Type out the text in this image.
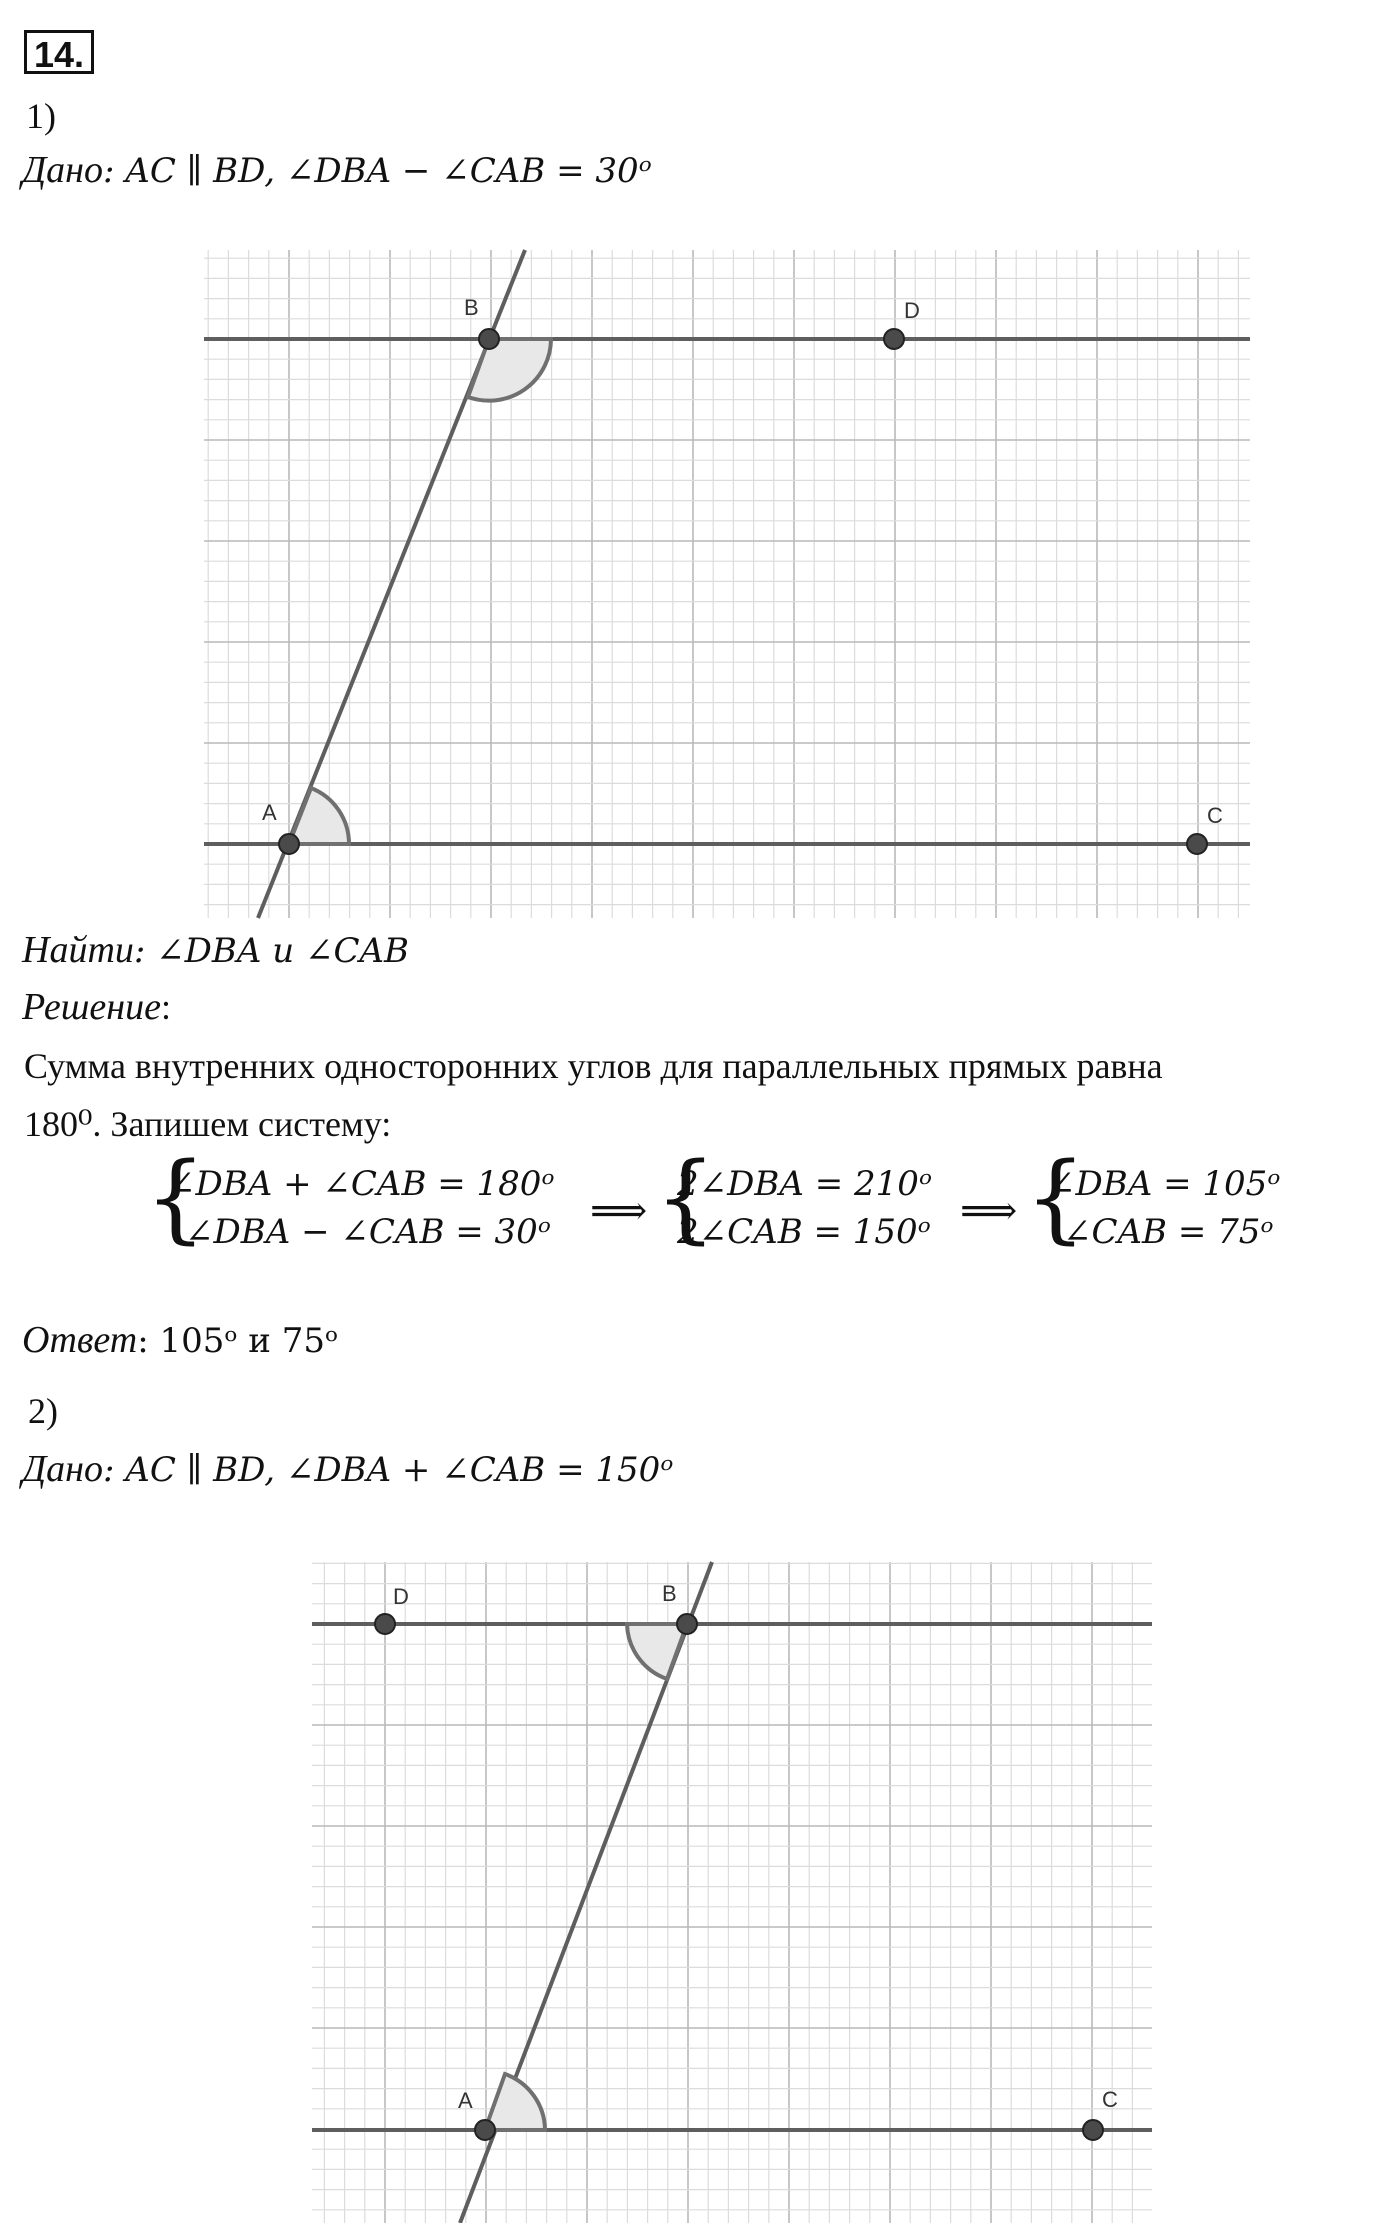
14.
1)
Дано: AC ∥ BD, ∠DBA − ∠CAB = 30ᵒ
B	D
A	C
Найти: ∠DBA и ∠CAB
Решение:
Сумма внутренних односторонних углов для параллельных прямых равна
180⁰. Запишем систему:
{
∠DBA + ∠CAB = 180ᵒ
∠DBA − ∠CAB = 30ᵒ ⟹ {
2∠DBA = 210ᵒ
2∠CAB = 150ᵒ ⟹ {
∠DBA = 105ᵒ
∠CAB = 75ᵒ
Ответ: 105ᵒ и 75ᵒ
2)
Дано: AC ∥ BD, ∠DBA + ∠CAB = 150ᵒ
D	B
A	C
